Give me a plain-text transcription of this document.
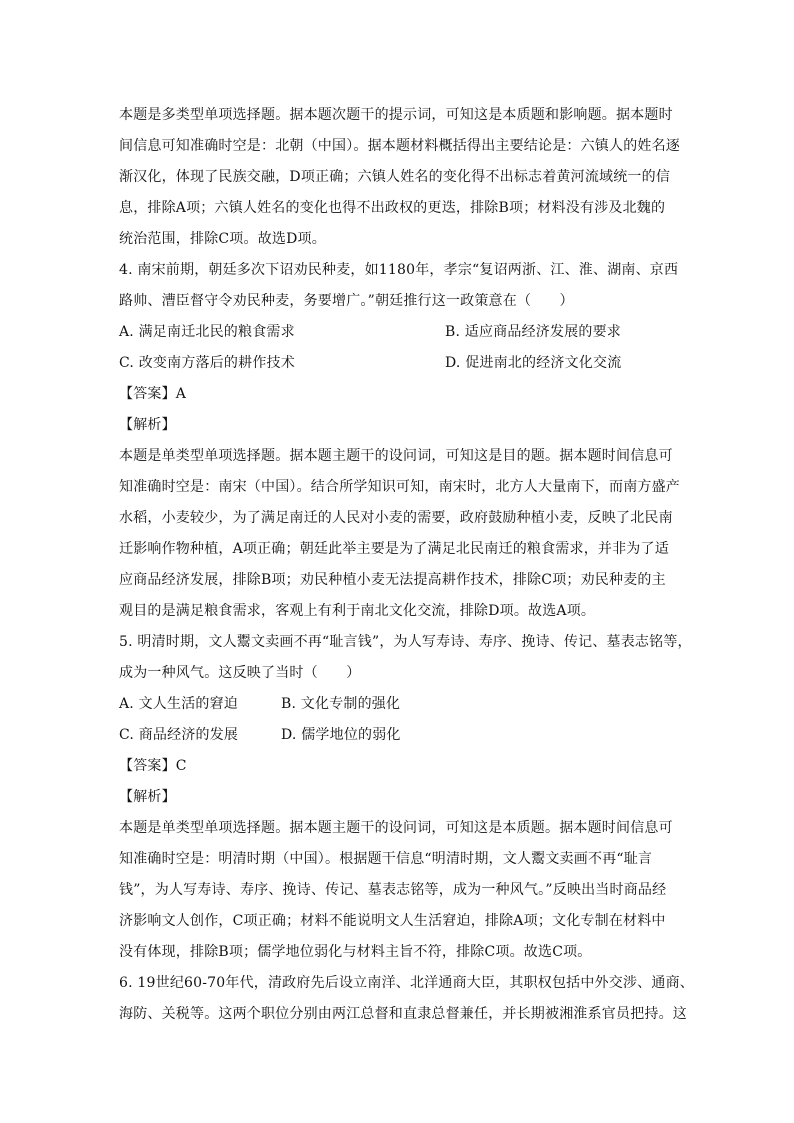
本题是多类型单项选择题。据本题次题干的提示词，可知这是本质题和影响题。据本题时
间信息可知准确时空是：北朝（中国）。据本题材料概括得出主要结论是：六镇人的姓名逐
渐汉化，体现了民族交融，D项正确；六镇人姓名的变化得不出标志着黄河流域统一的信
息，排除A项；六镇人姓名的变化也得不出政权的更迭，排除B项；材料没有涉及北魏的
统治范围，排除C项。故选D项。
4. 南宋前期，朝廷多次下诏劝民种麦，如1180年，孝宗“复诏两浙、江、淮、湖南、京西
路帅、漕臣督守令劝民种麦，务要增广。”朝廷推行这一政策意在（　　）
A. 满足南迁北民的粮食需求	B. 适应商品经济发展的要求
C. 改变南方落后的耕作技术	D. 促进南北的经济文化交流
【答案】A
【解析】
本题是单类型单项选择题。据本题主题干的设问词，可知这是目的题。据本题时间信息可
知准确时空是：南宋（中国）。结合所学知识可知，南宋时，北方人大量南下，而南方盛产
水稻，小麦较少，为了满足南迁的人民对小麦的需要，政府鼓励种植小麦，反映了北民南
迁影响作物种植，A项正确；朝廷此举主要是为了满足北民南迁的粮食需求，并非为了适
应商品经济发展，排除B项；劝民种植小麦无法提高耕作技术，排除C项；劝民种麦的主
观目的是满足粮食需求，客观上有利于南北文化交流，排除D项。故选A项。
5. 明清时期，文人鬻文卖画不再“耻言钱”，为人写寿诗、寿序、挽诗、传记、墓表志铭等，
成为一种风气。这反映了当时（　　）
A. 文人生活的窘迫	B. 文化专制的强化
C. 商品经济的发展	D. 儒学地位的弱化
【答案】C
【解析】
本题是单类型单项选择题。据本题主题干的设问词，可知这是本质题。据本题时间信息可
知准确时空是：明清时期（中国）。根据题干信息“明清时期，文人鬻文卖画不再“耻言
钱”，为人写寿诗、寿序、挽诗、传记、墓表志铭等，成为一种风气。”反映出当时商品经
济影响文人创作，C项正确；材料不能说明文人生活窘迫，排除A项；文化专制在材料中
没有体现，排除B项；儒学地位弱化与材料主旨不符，排除C项。故选C项。
6. 19世纪60-70年代，清政府先后设立南洋、北洋通商大臣，其职权包括中外交涉、通商、
海防、关税等。这两个职位分别由两江总督和直隶总督兼任，并长期被湘淮系官员把持。这
